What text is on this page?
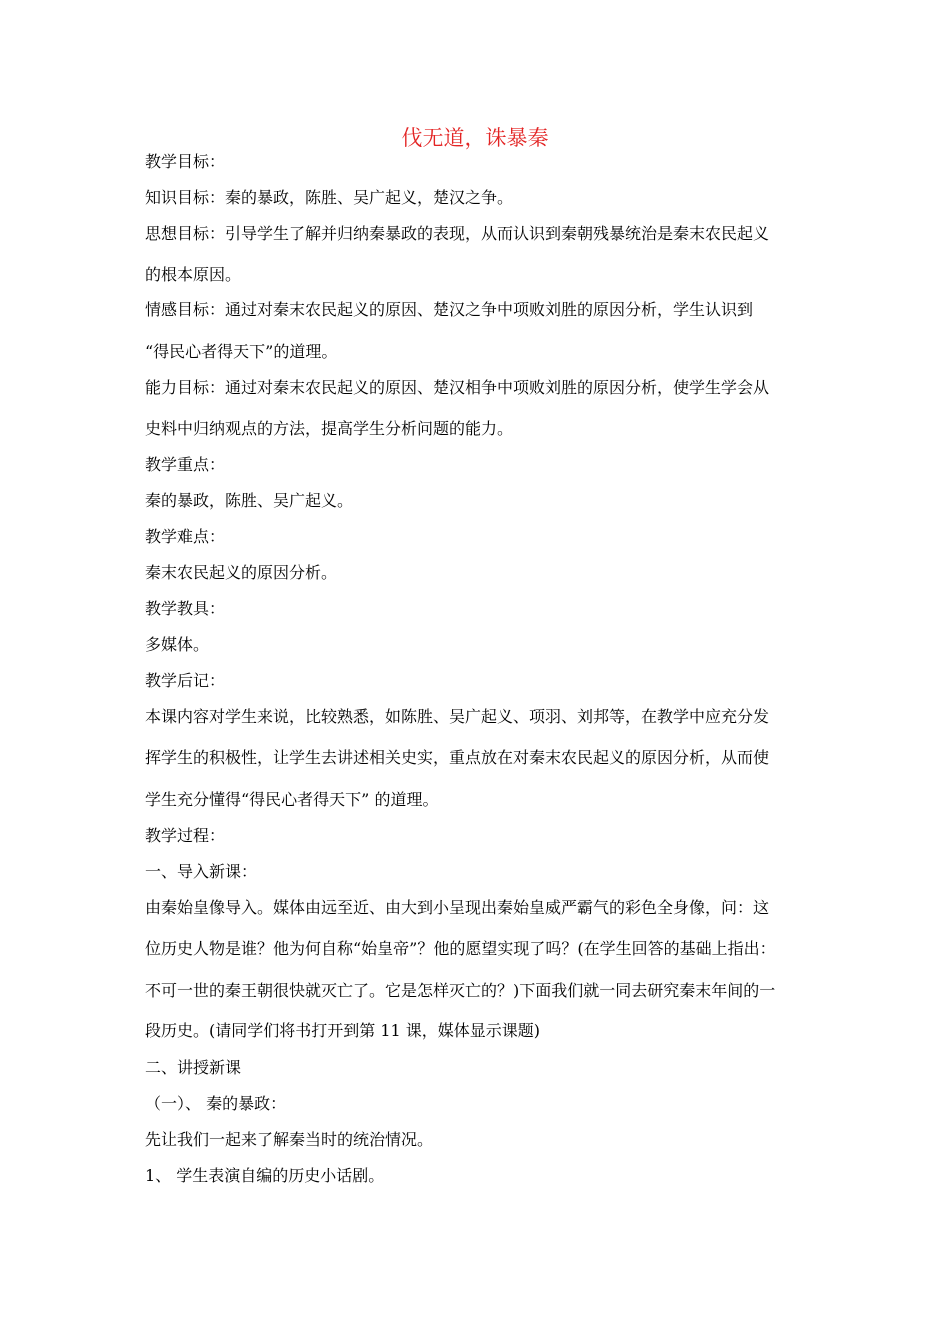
伐无道，诛暴秦
教学目标：
知识目标：秦的暴政，陈胜、吴广起义，楚汉之争。
思想目标：引导学生了解并归纳秦暴政的表现，从而认识到秦朝残暴统治是秦末农民起义
的根本原因。
情感目标：通过对秦末农民起义的原因、楚汉之争中项败刘胜的原因分析，学生认识到
“得民心者得天下”的道理。
能力目标：通过对秦末农民起义的原因、楚汉相争中项败刘胜的原因分析，使学生学会从
史料中归纳观点的方法，提高学生分析问题的能力。
教学重点：
秦的暴政，陈胜、吴广起义。
教学难点：
秦末农民起义的原因分析。
教学教具：
多媒体。
教学后记：
本课内容对学生来说，比较熟悉，如陈胜、吴广起义、项羽、刘邦等，在教学中应充分发
挥学生的积极性，让学生去讲述相关史实，重点放在对秦末农民起义的原因分析，从而使
学生充分懂得“得民心者得天下” 的道理。
教学过程：
一、导入新课：
由秦始皇像导入。媒体由远至近、由大到小呈现出秦始皇威严霸气的彩色全身像，问：这
位历史人物是谁？他为何自称“始皇帝”？他的愿望实现了吗？(在学生回答的基础上指出：
不可一世的秦王朝很快就灭亡了。它是怎样灭亡的？)下面我们就一同去研究秦末年间的一
段历史。(请同学们将书打开到第 11 课，媒体显示课题)
二、讲授新课
（一）、 秦的暴政：
先让我们一起来了解秦当时的统治情况。
1、 学生表演自编的历史小话剧。
